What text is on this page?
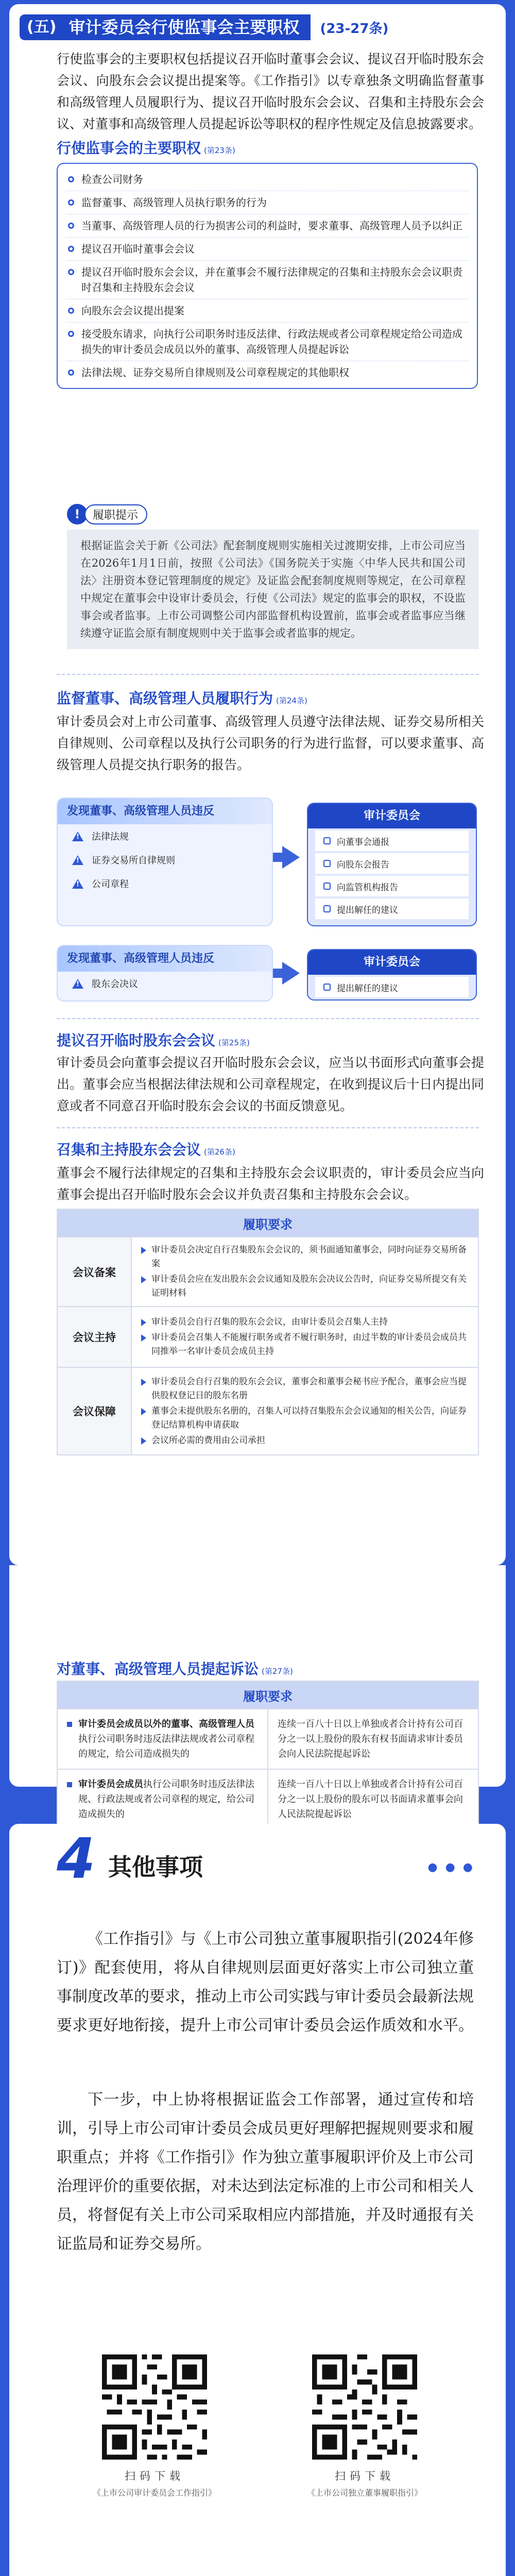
(五) 审计委员会行使监事会主要职权	(23-27条)

行使监事会的主要职权包括提议召开临时董事会会议、提议召开临时股东会会议、向股东会会议提出提案等。《工作指引》以专章独条文明确监督董事和高级管理人员履职行为、提议召开临时股东会会议、召集和主持股东会会议、对董事和高级管理人员提起诉讼等职权的程序性规定及信息披露要求。

行使监事会的主要职权 (第23条)
检查公司财务
监督董事、高级管理人员执行职务的行为
当董事、高级管理人员的行为损害公司的利益时，要求董事、高级管理人员予以纠正
提议召开临时董事会会议
提议召开临时股东会会议，并在董事会不履行法律规定的召集和主持股东会会议职责时召集和主持股东会会议
向股东会会议提出提案
接受股东请求，向执行公司职务时违反法律、行政法规或者公司章程规定给公司造成损失的审计委员会成员以外的董事、高级管理人员提起诉讼
法律法规、证券交易所自律规则及公司章程规定的其他职权
!	履职提示

根据证监会关于新《公司法》配套制度规则实施相关过渡期安排，上市公司应当在2026年1月1日前，按照《公司法》《国务院关于实施〈中华人民共和国公司法〉注册资本登记管理制度的规定》及证监会配套制度规则等规定，在公司章程中规定在董事会中设审计委员会，行使《公司法》规定的监事会的职权，不设监事会或者监事。上市公司调整公司内部监督机构设置前，监事会或者监事应当继续遵守证监会原有制度规则中关于监事会或者监事的规定。

监督董事、高级管理人员履职行为 (第24条)

审计委员会对上市公司董事、高级管理人员遵守法律法规、证券交易所相关自律规则、公司章程以及执行公司职务的行为进行监督，可以要求董事、高级管理人员提交执行职务的报告。

发现董事、高级管理人员违反
!
法律法规
!
证券交易所自律规则
!
公司章程
审计委员会
向董事会通报
向股东会报告
向监管机构报告
提出解任的建议
发现董事、高级管理人员违反
!
股东会决议
审计委员会
提出解任的建议
提议召开临时股东会会议 (第25条)

审计委员会向董事会提议召开临时股东会会议，应当以书面形式向董事会提出。董事会应当根据法律法规和公司章程规定，在收到提议后十日内提出同意或者不同意召开临时股东会会议的书面反馈意见。

召集和主持股东会会议 (第26条)

董事会不履行法律规定的召集和主持股东会会议职责的，审计委员会应当向董事会提出召开临时股东会会议并负责召集和主持股东会会议。

履职要求	
会议备案	审计委员会决定自行召集股东会会议的，须书面通知董事会，同时向证券交易所备案
审计委员会应在发出股东会会议通知及股东会决议公告时，向证券交易所提交有关证明材料

会议主持	审计委员会自行召集的股东会会议，由审计委员会召集人主持
审计委员会召集人不能履行职务或者不履行职务时，由过半数的审计委员会成员共同推举一名审计委员会成员主持

会议保障	审计委员会自行召集的股东会会议，董事会和董事会秘书应予配合，董事会应当提供股权登记日的股东名册
董事会未提供股东名册的，召集人可以持召集股东会会议通知的相关公告，向证券登记结算机构申请获取
会议所必需的费用由公司承担
对董事、高级管理人员提起诉讼 (第27条)
履职要求	

审计委员会成员以外的董事、高级管理人员执行公司职务时违反法律法规或者公司章程的规定，给公司造成损失的	连续一百八十日以上单独或者合计持有公司百分之一以上股份的股东有权书面请求审计委员会向人民法院提起诉讼

审计委员会成员执行公司职务时违反法律法规、行政法规或者公司章程的规定，给公司造成损失的	连续一百八十日以上单独或者合计持有公司百分之一以上股份的股东可以书面请求董事会向人民法院提起诉讼
4 其他事项	● ● ●

《工作指引》与《上市公司独立董事履职指引(2024年修订)》配套使用，将从自律规则层面更好落实上市公司独立董事制度改革的要求，推动上市公司实践与审计委员会最新法规要求更好地衔接，提升上市公司审计委员会运作质效和水平。

下一步，中上协将根据证监会工作部署，通过宣传和培训，引导上市公司审计委员会成员更好理解把握规则要求和履职重点；并将《工作指引》作为独立董事履职评价及上市公司治理评价的重要依据，对未达到法定标准的上市公司和相关人员，将督促有关上市公司采取相应内部措施，并及时通报有关证监局和证券交易所。

扫码下载
《上市公司审计委员会工作指引》
扫码下载
《上市公司独立董事履职指引》
